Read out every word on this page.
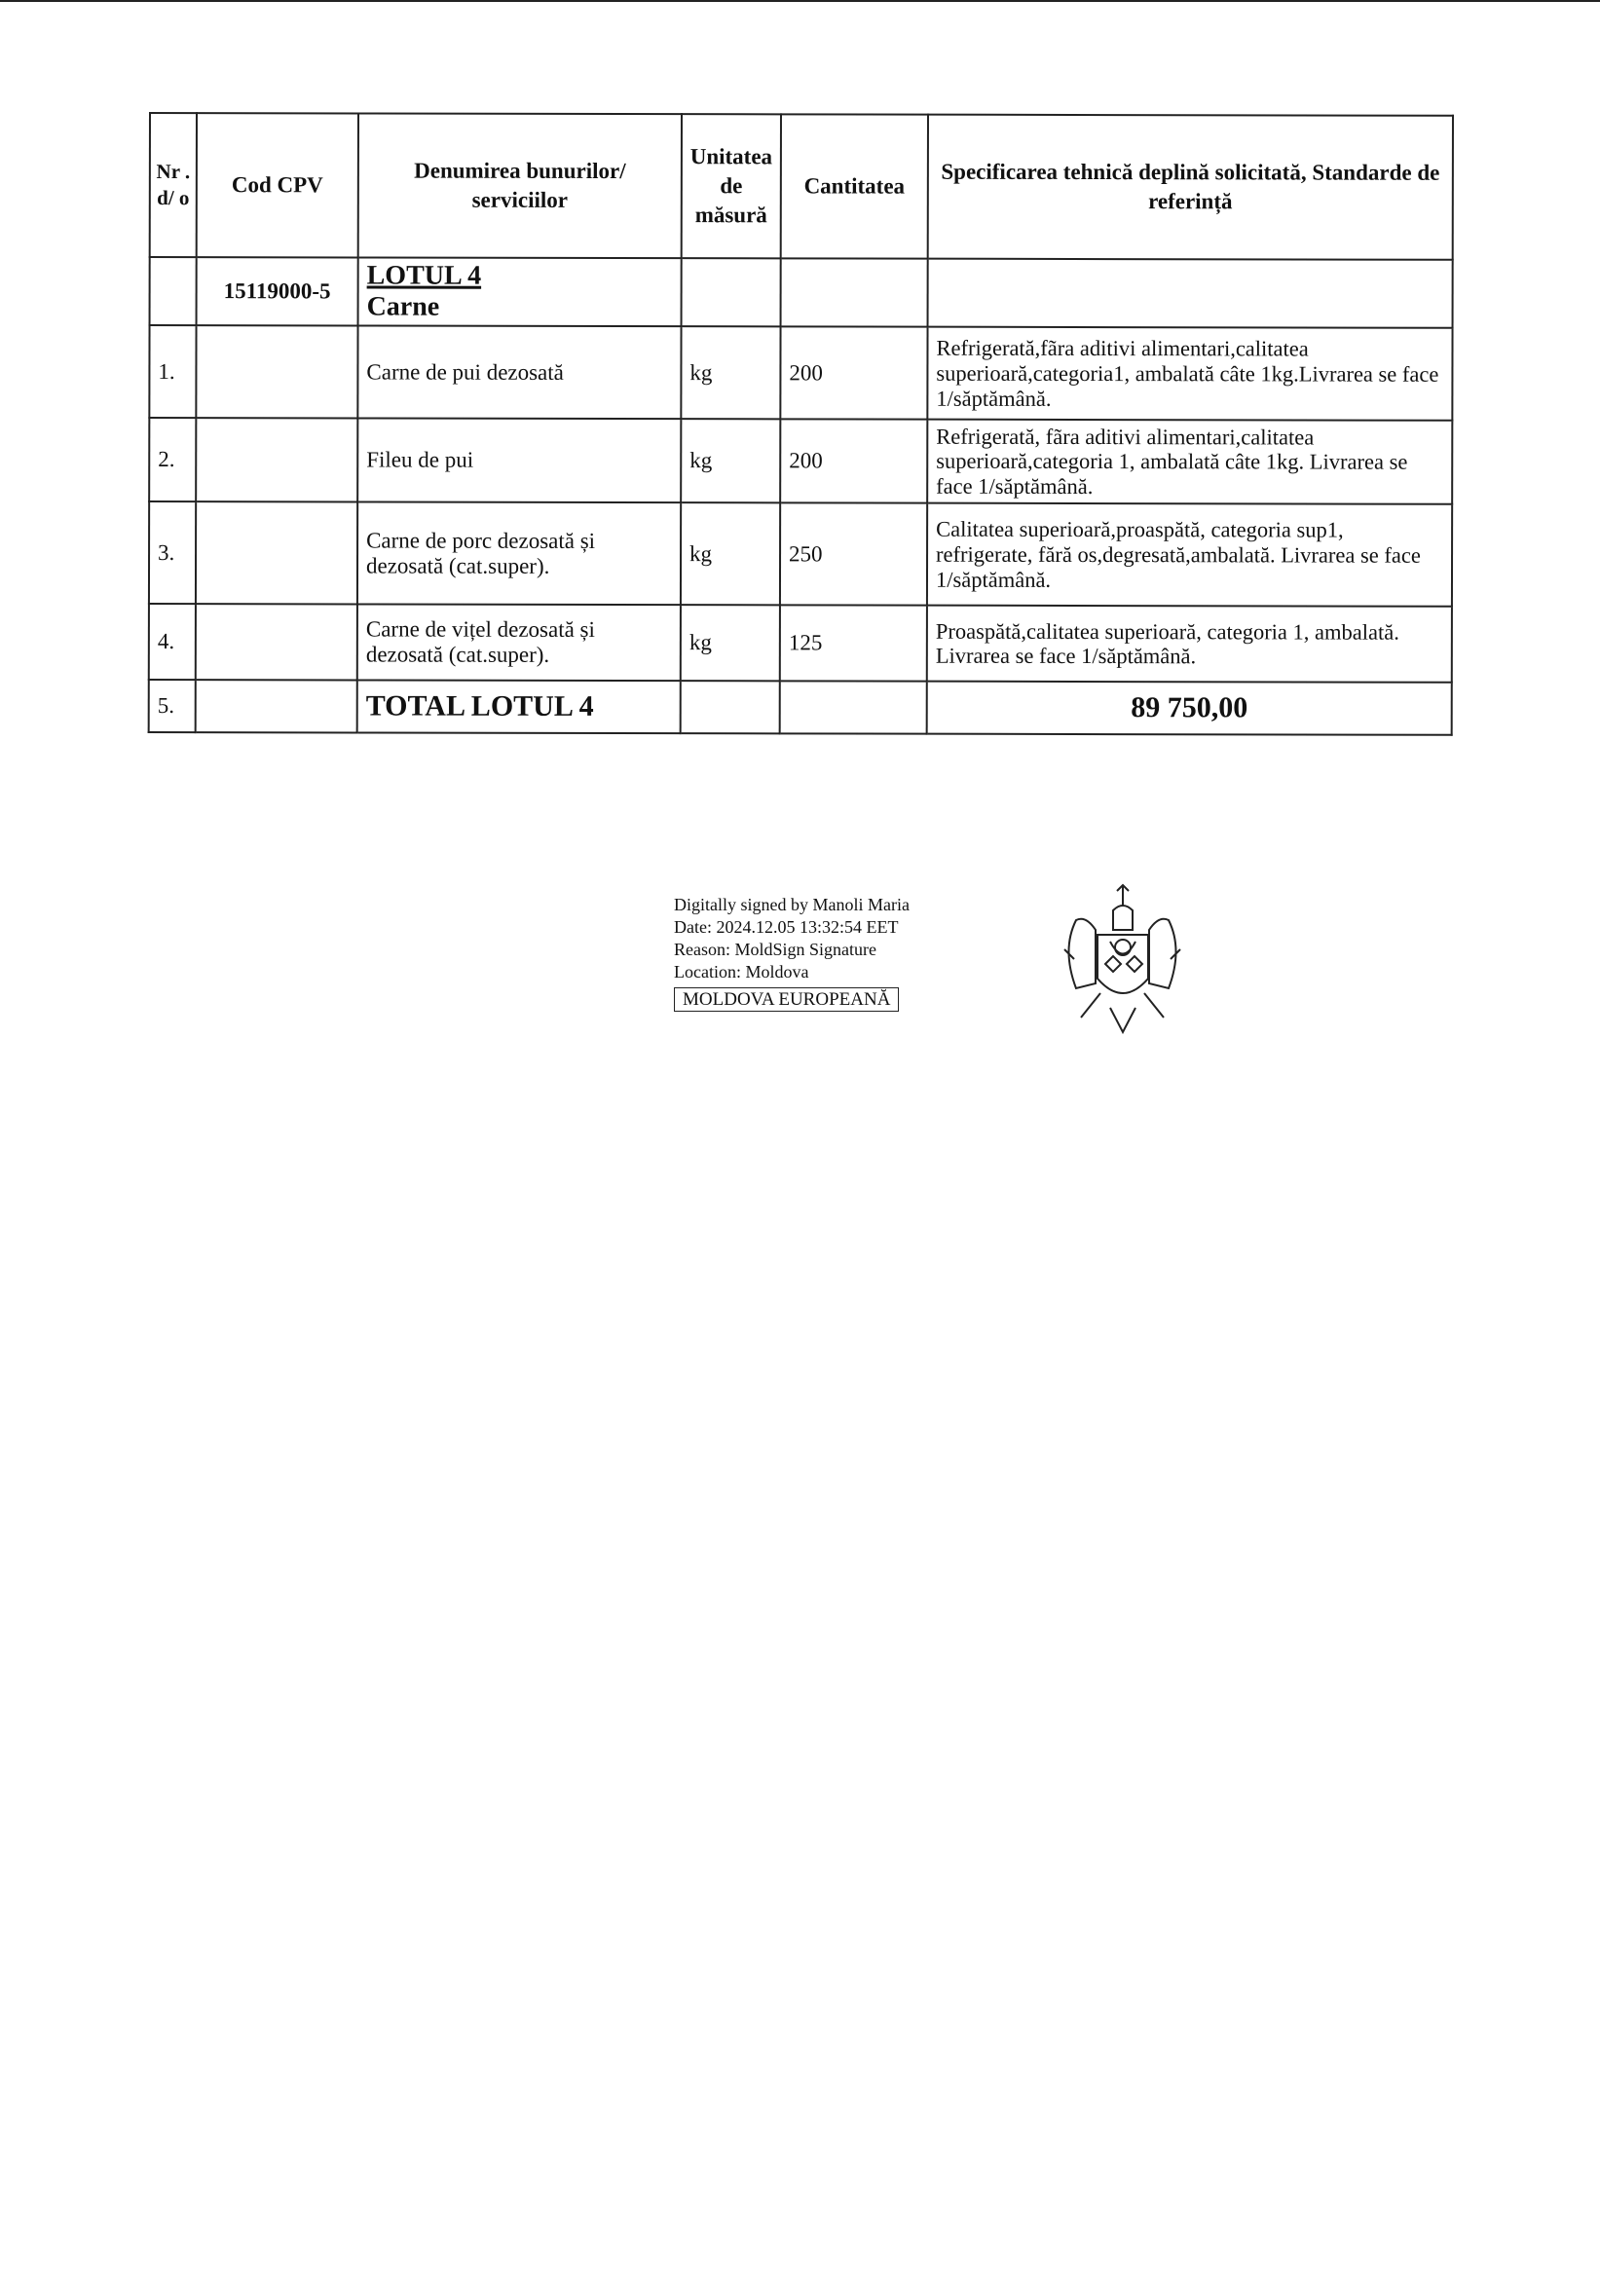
Nr . d/ o	Cod CPV	Denumirea bunurilor/ serviciilor	Unitatea de măsură	Cantitatea	Specificarea tehnică deplină solicitată, Standarde de referință
	15119000-5	LOTUL 4
Carne			
1.		Carne de pui dezosată	kg	200	Refrigerată,fãra aditivi alimentari,calitatea superioară,categoria1, ambalată câte 1kg.Livrarea se face 1/săptămână.
2.		Fileu de pui	kg	200	Refrigerată, fãra aditivi alimentari,calitatea superioară,categoria 1, ambalată câte 1kg. Livrarea se face 1/săptămână.
3.		Carne de porc dezosată și dezosată (cat.super).	kg	250	Calitatea superioară,proaspătă, categoria sup1, refrigerate, fără os,degresată,ambalată. Livrarea se face 1/săptămână.
4.		Carne de vițel dezosată și dezosată (cat.super).	kg	125	Proaspătă,calitatea superioară, categoria 1, ambalată. Livrarea se face 1/săptămână.
5.		TOTAL LOTUL 4			89 750,00
Digitally signed by Manoli Maria
Date: 2024.12.05 13:32:54 EET
Reason: MoldSign Signature
Location: Moldova
MOLDOVA EUROPEANĂ
